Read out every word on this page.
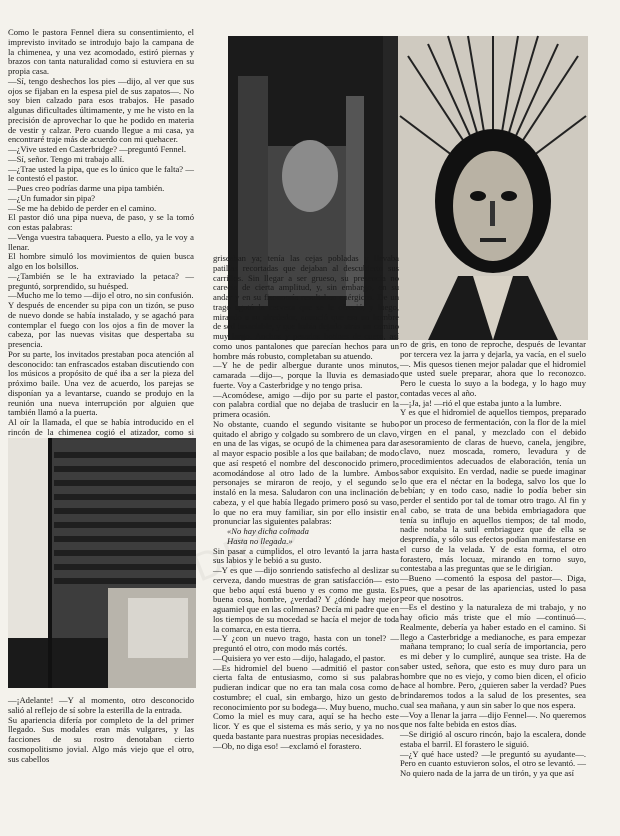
Como le pastora Fennel diera su consentimiento, el imprevisto invitado se introdujo bajo la campana de la chimenea, y una vez acomodado, estiró piernas y brazos con tanta naturalidad como si estuviera en su propia casa.

—Sí, tengo deshechos los pies —dijo, al ver que sus ojos se fijaban en la espesa piel de sus zapatos—. No soy bien calzado para esos trabajos. He pasado algunas dificultades últimamente, y me he visto en la precisión de aprovechar lo que he podido en materia de vestir y calzar. Pero cuando llegue a mi casa, ya encontraré traje más de acuerdo con mi quehacer.

—¿Vive usted en Casterbridge? —preguntó Fennel.

—Sí, señor. Tengo mi trabajo allí.

—¿Trae usted la pipa, que es lo único que le falta? —le contestó el pastor.

—Pues creo podrías darme una pipa también.

—¿Un fumador sin pipa?

—Se me ha debido de perder en el camino.

El pastor dió una pipa nueva, de paso, y se la tomó con estas palabras:

—Venga vuestra tabaquera. Puesto a ello, ya le voy a llenar.

El hombre simuló los movimientos de quien busca algo en los bolsillos.

—¿También se le ha extraviado la petaca? —preguntó, sorprendido, su huésped.

—Mucho me lo temo —dijo el otro, no sin confusión.

Y después de encender su pipa con un tizón, se puso de nuevo donde se había instalado, y se agachó para contemplar el fuego con los ojos a fin de mover la cabeza, por las nuevas visitas que despertaba su presencia.

Por su parte, los invitados prestaban poca atención al desconocido: tan enfrascados estaban discutiendo con los músicos a propósito de qué iba a ser la pieza del próximo baile. Una vez de acuerdo, los parejas se disponían ya a levantarse, cuando se produjo en la reunión una nueva interrupción por alguien que también llamó a la puerta.

Al oír la llamada, el que se había introducido en el rincón de la chimenea cogió el atizador, como si

griseaban ya; tenía las cejas pobladas y llevaba patillas recortadas que dejaban al descubierto sus carrillos. Sin llegar a ser grueso, su presencia no carecía de cierta amplitud, y, sin embargo, en su andar y en su fisonomía resultaban enérgicos. De un trago agotó la cerveza que se le ofreció, y luego, mirando a su alrededor, anunció que era un hombre de sed insaciable, y que había dejado atrás un camino muy largo. Anchos y pesados botines de cuero, así como unos pantalones que parecían hechos para un hombre más robusto, completaban su atuendo.

—Y he de pedir albergue durante unos minutos, camarada —dijo—, porque la lluvia es demasiado fuerte. Voy a Casterbridge y no tengo prisa.

—Acomódese, amigo —dijo por su parte el pastor, con palabra cordial que no dejaba de traslucir en la primera ocasión.

No obstante, cuando el segundo visitante se hubo quitado el abrigo y colgado su sombrero de un clavo, en una de las vigas, se ocupó de la chimenea para dar al mayor espacio posible a los que bailaban; de modo que así respetó el nombre del desconocido primero, acomodándose al otro lado de la lumbre. Ambos personajes se miraron de reojo, y el segundo se instaló en la mesa. Saludaron con una inclinación de cabeza, y el que había llegado primero posó su vaso, lo que no era muy familiar, sin por ello insistir en pronunciar las siguientes palabras:

«No hay dicha colmada

Hasta no llegada.»

Sin pasar a cumplidos, el otro levantó la jarra hasta sus labios y le bebió a su gusto.

—Y es que —dijo sonriendo satisfecho al deslizar su cerveza, dando muestras de gran satisfacción— esto que bebo aquí está bueno y es como me gusta. Es buena cosa, hombre, ¿verdad? Y ¿dónde hay mejor aguamiel que en las colmenas? Decía mi padre que en los tiempos de su mocedad se hacía el mejor de toda la comarca, en esta tierra.

—Y ¿con un nuevo trago, hasta con un tonel? —preguntó el otro, con modo más cortés.

—Quisiera yo ver esto —dijo, halagado, el pastor.

—Es hidromiel del bueno —admitió el pastor con cierta falta de entusiasmo, como si sus palabras pudieran indicar que no era tan mala cosa como de costumbre; el cual, sin embargo, hizo un gesto de reconocimiento por su bodega—. Muy bueno, mucho. Como la miel es muy cara, aquí se ha hecho este licor. Y es que el sistema es más serio, y ya no nos queda bastante para nuestras propias necesidades.

—Ob, no diga eso! —exclamó el forastero.

ro de gris, en tono de reproche, después de levantar por tercera vez la jarra y dejarla, ya vacía, en el suelo—. Mis quesos tienen mejor paladar que el hidromiel que usted suele preparar, ahora que lo reconozco. Pero le cuesta lo suyo a la bodega, y lo hago muy contadas veces al año.

—¡Ja, ja! —rió el que estaba junto a la lumbre.

Y es que el hidromiel de aquellos tiempos, preparado por un proceso de fermentación, con la flor de la miel virgen en el panal, y mezclado con el debido asesoramiento de claras de huevo, canela, jengibre, clavo, nuez moscada, romero, levadura y de procedimientos adecuados de elaboración, tenía un sabor exquisito. En verdad, nadie se puede imaginar lo que era el néctar en la bodega, salvo los que lo bebían; y en todo caso, nadie lo podía beber sin perder el sentido por tal de tomar otro trago. Al fin y al cabo, se trata de una bebida embriagadora que tenía su influjo en aquellos tiempos; de tal modo, nadie notaba la sutil embriaguez que de ella se desprendía, y sólo sus efectos podían manifestarse en el curso de la velada. Y de esta forma, el otro forastero, más locuaz, mirando en torno suyo, contestaba a las preguntas que se le dirigían.

—Bueno —comentó la esposa del pastor—. Diga, pues, que a pesar de las apariencias, usted lo pasa peor que nosotros.

—Es el destino y la naturaleza de mi trabajo, y no hay oficio más triste que el mío —continuó—. Realmente, debería ya haber estado en el camino. Si llego a Casterbridge a medianoche, es para empezar mañana temprano; lo cual sería de importancia, pero es mi deber y lo cumpliré, aunque sea triste. Ha de saber usted, señora, que esto es muy duro para un hombre que no es viejo, y como bien dicen, el oficio hace al hombre. Pero, ¿quieren saber la verdad? Pues brindaremos todos a la salud de los presentes, sea cual sea mañana, y aun sin saber lo que nos espera.

—Voy a llenar la jarra —dijo Fennel—. No queremos que nos falte bebida en estos días.

—Se dirigió al oscuro rincón, bajo la escalera, donde estaba el barril. El forastero le siguió.

—¿Y qué hace usted? —le preguntó su ayudante—. Pero en cuanto estuvieron solos, el otro se levantó. —No quiero nada de la jarra de un tirón, y ya que así

—¡Adelante! —Y al momento, otro desconocido salió al reflejo de sí sobre la esterilla de la entrada.

Su apariencia difería por completo de la del primer llegado. Sus modales eran más vulgares, y las facciones de su rostro denotaban cierto cosmopolitismo jovial. Algo más viejo que el otro, sus cabellos
